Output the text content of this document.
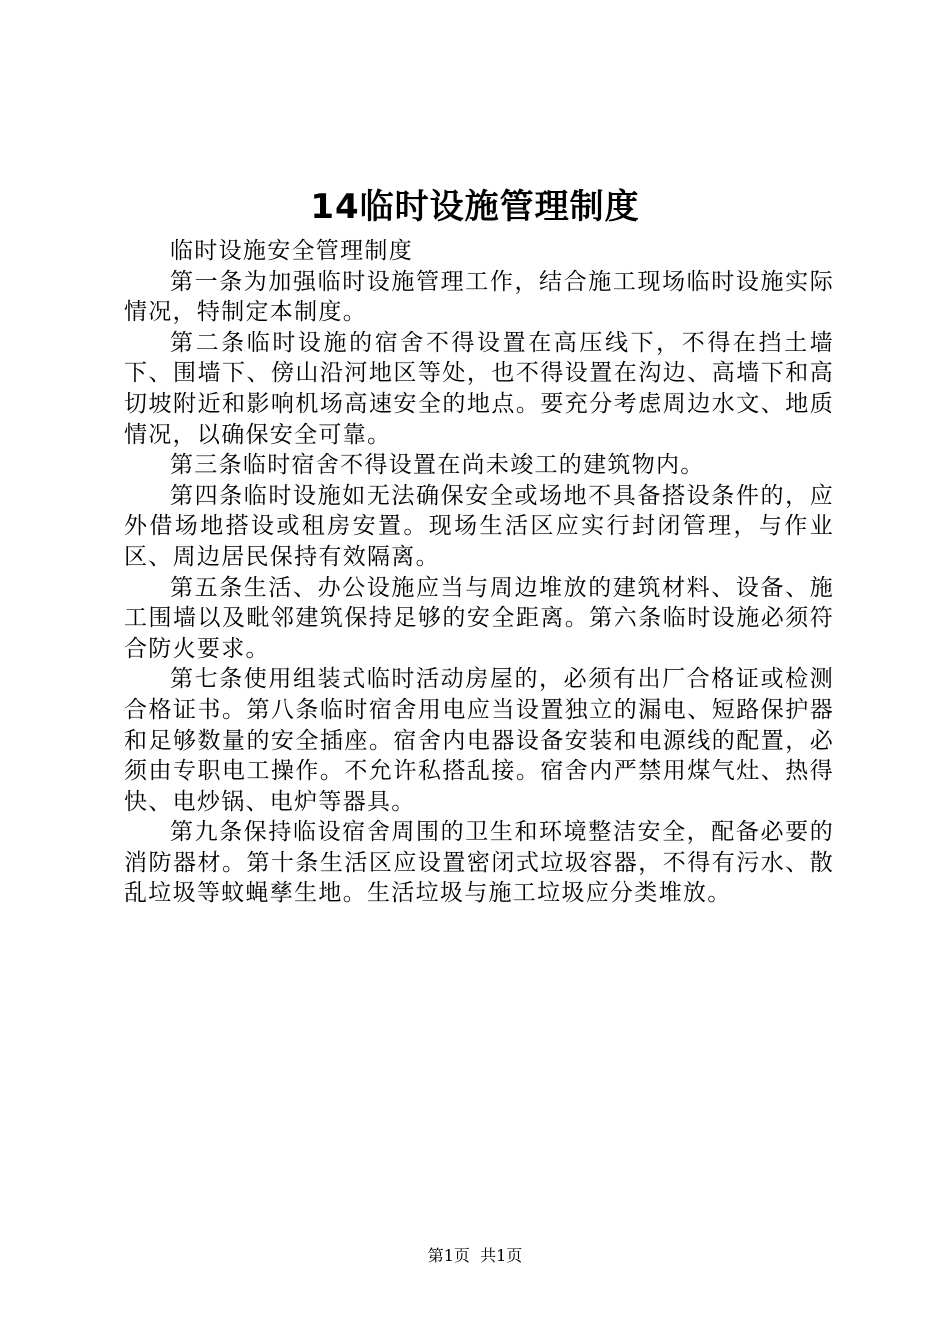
14临时设施管理制度

临时设施安全管理制度

第一条为加强临时设施管理工作，结合施工现场临时设施实际情况，特制定本制度。

第二条临时设施的宿舍不得设置在高压线下，不得在挡土墙下、围墙下、傍山沿河地区等处，也不得设置在沟边、高墙下和高切坡附近和影响机场高速安全的地点。要充分考虑周边水文、地质情况，以确保安全可靠。

第三条临时宿舍不得设置在尚未竣工的建筑物内。

第四条临时设施如无法确保安全或场地不具备搭设条件的，应外借场地搭设或租房安置。现场生活区应实行封闭管理，与作业区、周边居民保持有效隔离。

第五条生活、办公设施应当与周边堆放的建筑材料、设备、施工围墙以及毗邻建筑保持足够的安全距离。第六条临时设施必须符合防火要求。

第七条使用组装式临时活动房屋的，必须有出厂合格证或检测合格证书。第八条临时宿舍用电应当设置独立的漏电、短路保护器和足够数量的安全插座。宿舍内电器设备安装和电源线的配置，必须由专职电工操作。不允许私搭乱接。宿舍内严禁用煤气灶、热得快、电炒锅、电炉等器具。

第九条保持临设宿舍周围的卫生和环境整洁安全，配备必要的消防器材。第十条生活区应设置密闭式垃圾容器，不得有污水、散乱垃圾等蚊蝇孳生地。生活垃圾与施工垃圾应分类堆放。

第1页  共1页
